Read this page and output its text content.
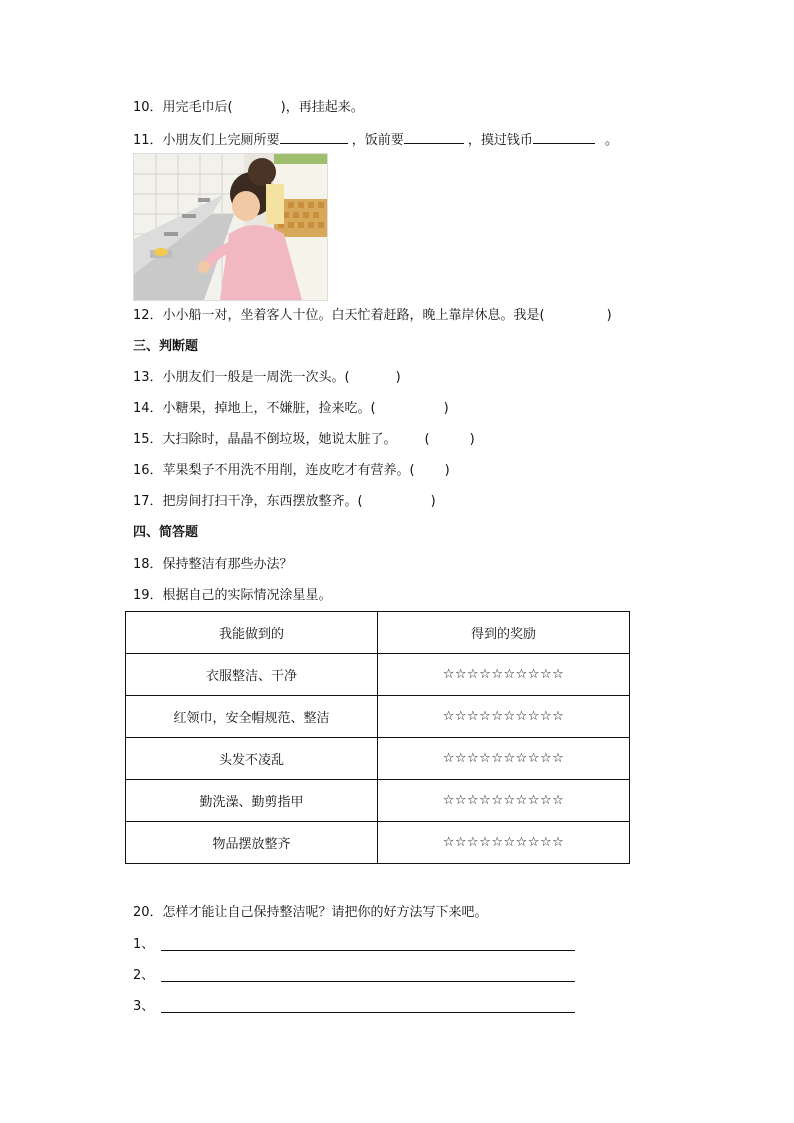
10．用完毛巾后(	)，再挂起来。
11．小朋友们上完厕所要	，饭前要	，摸过钱币	。
12．小小船一对，坐着客人十位。白天忙着赶路，晚上靠岸休息。我是(	)
三、判断题
13．小朋友们一般是一周洗一次头。(	)
14．小糖果，掉地上，不嫌脏，捡来吃。(	)
15．大扫除时，晶晶不倒垃圾，她说太脏了。 (	)
16．苹果梨子不用洗不用削，连皮吃才有营养。( )
17．把房间打扫干净，东西摆放整齐。(	)
四、简答题
18．保持整洁有那些办法？
19．根据自己的实际情况涂星星。
我能做到的	得到的奖励
衣服整洁、干净	☆☆☆☆☆☆☆☆☆☆
红领巾，安全帽规范、整洁	☆☆☆☆☆☆☆☆☆☆
头发不凌乱	☆☆☆☆☆☆☆☆☆☆
勤洗澡、勤剪指甲	☆☆☆☆☆☆☆☆☆☆
物品摆放整齐	☆☆☆☆☆☆☆☆☆☆
20．怎样才能让自己保持整洁呢？请把你的好方法写下来吧。
1、
2、
3、
